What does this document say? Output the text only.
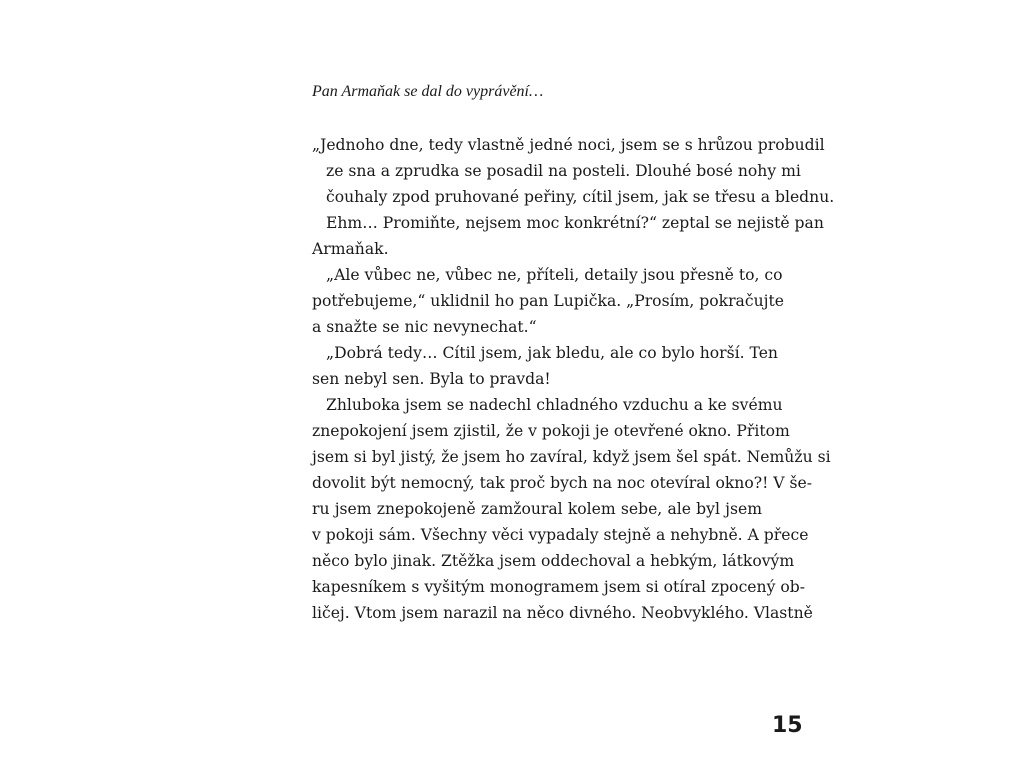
Pan Armaňak se dal do vyprávění…
„Jednoho dne, tedy vlastně jedné noci, jsem se s hrůzou probudil
ze sna a zprudka se posadil na posteli. Dlouhé bosé nohy mi
čouhaly zpod pruhované peřiny, cítil jsem, jak se třesu a blednu.
Ehm… Promiňte, nejsem moc konkrétní?“ zeptal se nejistě pan
Armaňak.
„Ale vůbec ne, vůbec ne, příteli, detaily jsou přesně to, co
potřebujeme,“ uklidnil ho pan Lupička. „Prosím, pokračujte
a snažte se nic nevynechat.“
„Dobrá tedy… Cítil jsem, jak bledu, ale co bylo horší. Ten
sen nebyl sen. Byla to pravda!
Zhluboka jsem se nadechl chladného vzduchu a ke svému
znepokojení jsem zjistil, že v pokoji je otevřené okno. Přitom
jsem si byl jistý, že jsem ho zavíral, když jsem šel spát. Nemůžu si
dovolit být nemocný, tak proč bych na noc otevíral okno?! V še-
ru jsem znepokojeně zamžoural kolem sebe, ale byl jsem
v pokoji sám. Všechny věci vypadaly stejně a nehybně. A přece
něco bylo jinak. Ztěžka jsem oddechoval a hebkým, látkovým
kapesníkem s vyšitým monogramem jsem si otíral zpocený ob-
ličej. Vtom jsem narazil na něco divného. Neobvyklého. Vlastně
15
